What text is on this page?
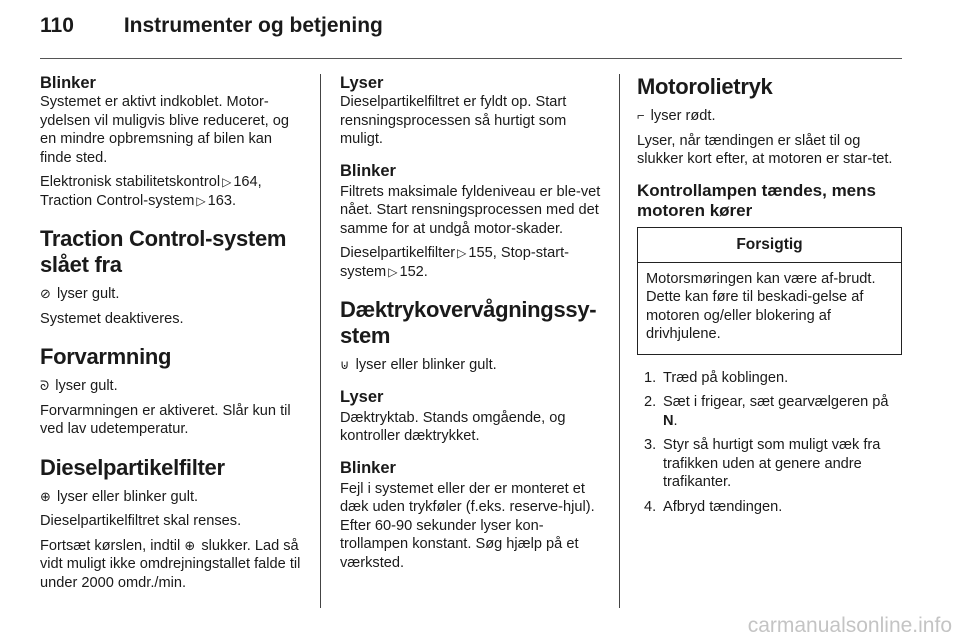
110 Instrumenter og betjening

Blinker

Systemet er aktivt indkoblet. Motor-ydelsen vil muligvis blive reduceret, og en mindre opbremsning af bilen kan finde sted.

Elektronisk stabilitetskontrol ▷ 164,
Traction Control-system ▷ 163.

Traction Control-system slået fra

⊘ lyser gult.

Systemet deaktiveres.

Forvarmning

ᘐ lyser gult.

Forvarmningen er aktiveret. Slår kun til ved lav udetemperatur.

Dieselpartikelfilter

⊕ lyser eller blinker gult.

Dieselpartikelfiltret skal renses.

Fortsæt kørslen, indtil ⊕ slukker. Lad så vidt muligt ikke omdrejningstallet falde til under 2000 omdr./min.

Lyser

Dieselpartikelfiltret er fyldt op. Start rensningsprocessen så hurtigt som muligt.

Blinker

Filtrets maksimale fyldeniveau er ble-vet nået. Start rensningsprocessen med det samme for at undgå motor-skader.

Dieselpartikelfilter ▷ 155, Stop-start-system ▷ 152.

Dæktrykovervågningssy-stem

⊍ lyser eller blinker gult.

Lyser

Dæktryktab. Stands omgående, og kontroller dæktrykket.

Blinker

Fejl i systemet eller der er monteret et dæk uden trykføler (f.eks. reserve-hjul). Efter 60-90 sekunder lyser kon-trollampen konstant. Søg hjælp på et værksted.

Motorolietryk

⌐ lyser rødt.

Lyser, når tændingen er slået til og slukker kort efter, at motoren er star-tet.

Kontrollampen tændes, mens motoren kører

Forsigtig
Motorsmøringen kan være af-brudt. Dette kan føre til beskadi-gelse af motoren og/eller blokering af drivhjulene.
1. Træd på koblingen.
2. Sæt i frigear, sæt gearvælgeren på N.
3. Styr så hurtigt som muligt væk fra trafikken uden at genere andre trafikanter.
4. Afbryd tændingen.
carmanualsonline.info
